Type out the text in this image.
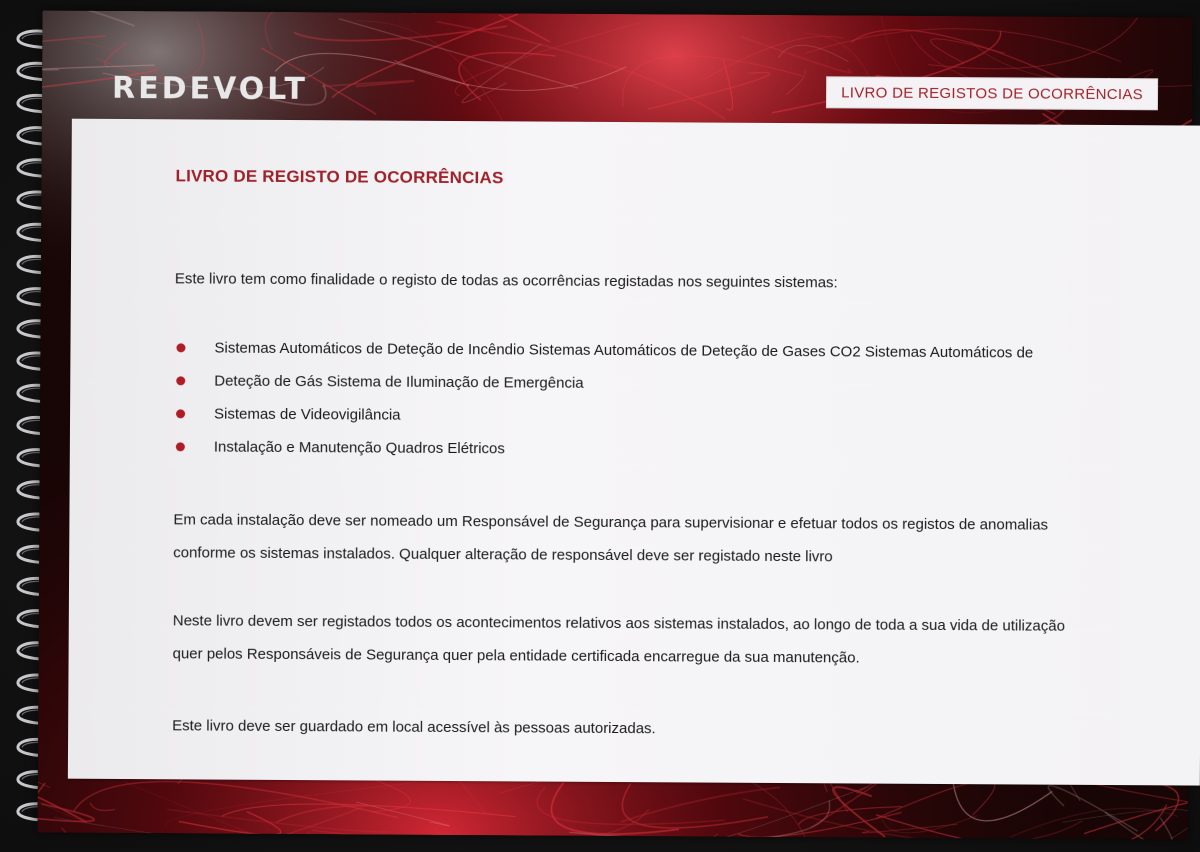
REDEVOLT	LIVRO DE REGISTOS DE OCORRÊNCIAS
LIVRO DE REGISTO DE OCORRÊNCIAS
Este livro tem como finalidade o registo de todas as ocorrências registadas nos seguintes sistemas:
Sistemas Automáticos de Deteção de Incêndio Sistemas Automáticos de Deteção de Gases CO2 Sistemas Automáticos de
Deteção de Gás Sistema de Iluminação de Emergência
Sistemas de Videovigilância
Instalação e Manutenção Quadros Elétricos
Em cada instalação deve ser nomeado um Responsável de Segurança para supervisionar e efetuar todos os registos de anomalias conforme os sistemas instalados. Qualquer alteração de responsável deve ser registado neste livro
Neste livro devem ser registados todos os acontecimentos relativos aos sistemas instalados, ao longo de toda a sua vida de utilização quer pelos Responsáveis de Segurança quer pela entidade certificada encarregue da sua manutenção.
Este livro deve ser guardado em local acessível às pessoas autorizadas.
